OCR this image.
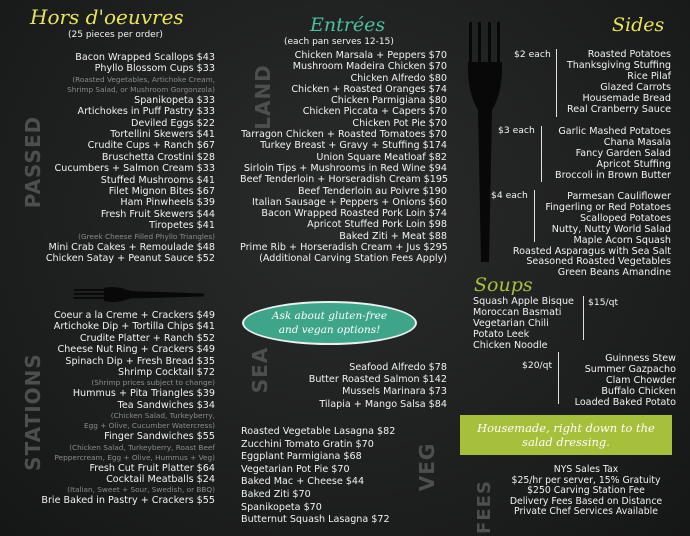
Hors d'oeuvres
(25 pieces per order)
PASSED
Bacon Wrapped Scallops $43
Phyllo Blossom Cups $33
(Roasted Vegetables, Artichoke Cream,
Shrimp Salad, or Mushroom Gorgonzola)
Spanikopeta $33
Artichokes in Puff Pastry $33
Deviled Eggs $22
Tortellini Skewers $41
Crudite Cups + Ranch $67
Bruschetta Crostini $28
Cucumbers + Salmon Cream $33
Stuffed Mushrooms $41
Filet Mignon Bites $67
Ham Pinwheels $39
Fresh Fruit Skewers $44
Tiropetes $41
(Greek Cheese Filled Phyllo Triangles)
Mini Crab Cakes + Remoulade $48
Chicken Satay + Peanut Sauce $52
STATIONS
Coeur a la Creme + Crackers $49
Artichoke Dip + Tortilla Chips $41
Crudite Platter + Ranch $52
Cheese Nut Ring + Crackers $49
Spinach Dip + Fresh Bread $35
Shrimp Cocktail $72
(Shrimp prices subject to change)
Hummus + Pita Triangles $39
Tea Sandwiches $34
(Chicken Salad, Turkeyberry,
Egg + Olive, Cucumber Watercress)
Finger Sandwiches $55
(Chicken Salad, Turkeyberry, Roast Beef
Peppercream, Egg + Olive, Hummus + Veg)
Fresh Cut Fruit Platter $64
Cocktail Meatballs $24
(Italian, Sweet + Sour, Swedish, or BBQ)
Brie Baked in Pastry + Crackers $55
Entrées
(each pan serves 12-15)
LAND
Chicken Marsala + Peppers $70
Mushroom Madeira Chicken $70
Chicken Alfredo $80
Chicken + Roasted Oranges $74
Chicken Parmigiana $80
Chicken Piccata + Capers $70
Chicken Pot Pie $70
Tarragon Chicken + Roasted Tomatoes $70
Turkey Breast + Gravy + Stuffing $174
Union Square Meatloaf $82
Sirloin Tips + Mushrooms in Red Wine $94
Beef Tenderloin + Horseradish Cream $195
Beef Tenderloin au Poivre $190
Italian Sausage + Peppers + Onions $60
Bacon Wrapped Roasted Pork Loin $74
Apricot Stuffed Pork Loin $98
Baked Ziti + Meat $88
Prime Rib + Horseradish Cream + Jus $295
(Additional Carving Station Fees Apply)
Ask about gluten-free and vegan options!
SEA	Seafood Alfredo $78
Butter Roasted Salmon $142
Mussels Marinara $73
Tilapia + Mango Salsa $84
VEG
Roasted Vegetable Lasagna $82
Zucchini Tomato Gratin $70
Eggplant Parmigiana $68
Vegetarian Pot Pie $70
Baked Mac + Cheese $44
Baked Ziti $70
Spanikopeta $70
Butternut Squash Lasagna $72
Sides
$2 each	Roasted Potatoes
Thanksgiving Stuffing
Rice Pilaf
Glazed Carrots
Housemade Bread
Real Cranberry Sauce
$3 each	Garlic Mashed Potatoes
Chana Masala
Fancy Garden Salad
Apricot Stuffing
Broccoli in Brown Butter
$4 each	Parmesan Cauliflower
Fingerling or Red Potatoes
Scalloped Potatoes
Nutty, Nutty World Salad
Maple Acorn Squash
Roasted Asparagus with Sea Salt
Seasoned Roasted Vegetables
Green Beans Amandine
Soups
Squash Apple Bisque
Moroccan Basmati
Vegetarian Chili
Potato Leek
Chicken Noodle
$15/qt
$20/qt
Guinness Stew
Summer Gazpacho
Clam Chowder
Buffalo Chicken
Loaded Baked Potato
Housemade, right down to the salad dressing.
FEES
NYS Sales Tax
$25/hr per server, 15% Gratuity
$250 Carving Station Fee
Delivery Fees Based on Distance
Private Chef Services Available
